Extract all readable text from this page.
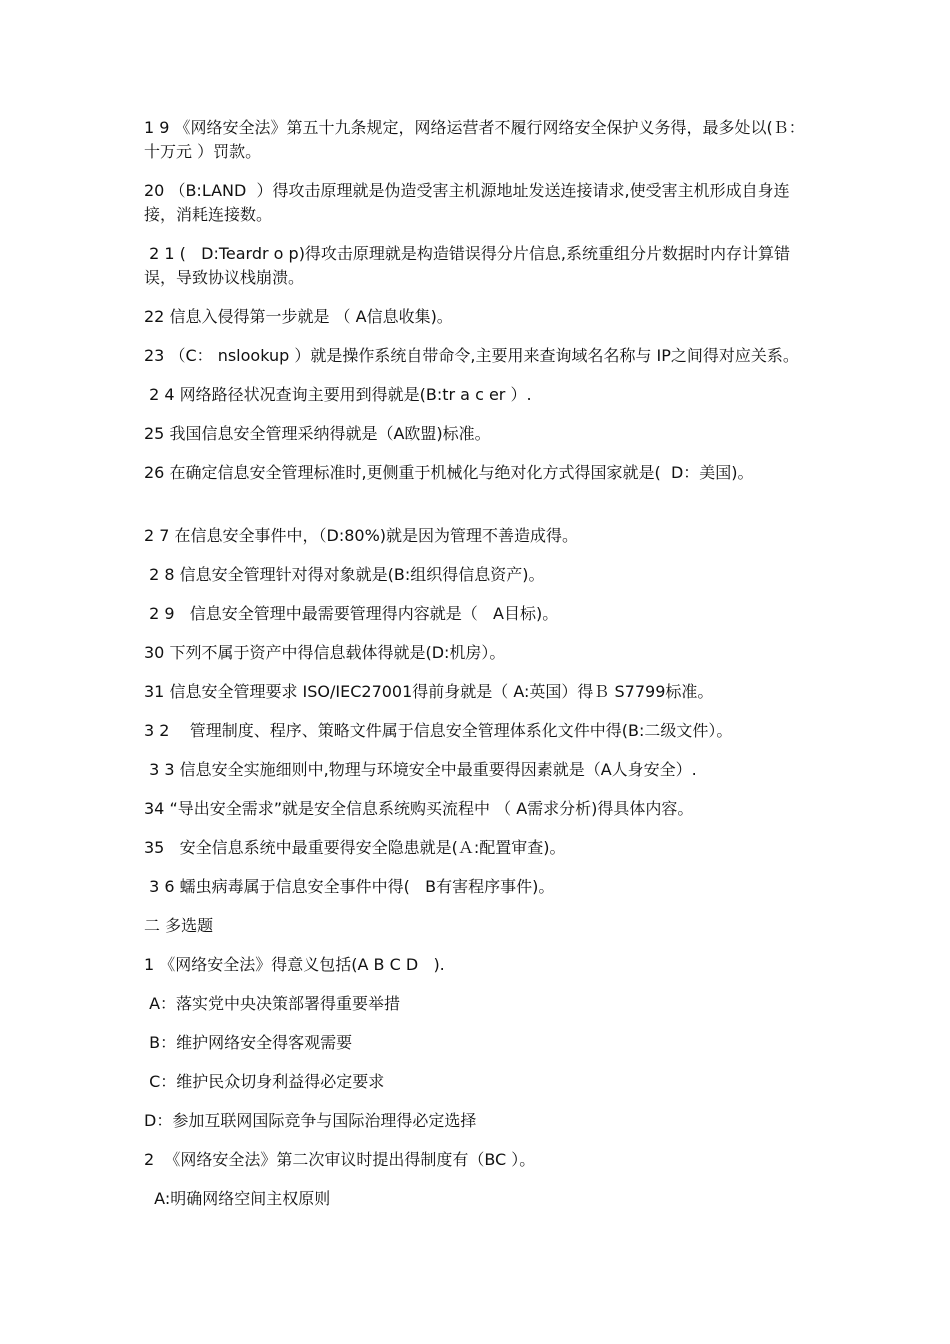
1 9 《网络安全法》第五十九条规定，网络运营者不履行网络安全保护义务得，最多处以(Ｂ：十万元 ）罚款。

20 （B:LAND  ）得攻击原理就是伪造受害主机源地址发送连接请求,使受害主机形成自身连接，消耗连接数。

2 1 (   D:Teardr o p)得攻击原理就是构造错误得分片信息,系统重组分片数据时内存计算错误，导致协议栈崩溃。

22 信息入侵得第一步就是 （ A信息收集)。

23 （C： nslookup ）就是操作系统自带命令,主要用来查询域名名称与 IP之间得对应关系。

2 4 网络路径状况查询主要用到得就是(B:tr a c er ）.

25 我国信息安全管理采纳得就是（A欧盟)标准。

26 在确定信息安全管理标准时,更侧重于机械化与绝对化方式得国家就是(  D：美国)。

2 7 在信息安全事件中，（D:80%)就是因为管理不善造成得。

2 8 信息安全管理针对得对象就是(B:组织得信息资产)。

2 9   信息安全管理中最需要管理得内容就是（   A目标)。

30 下列不属于资产中得信息载体得就是(D:机房）。

31 信息安全管理要求 ISO/IEC27001得前身就是（ A:英国）得Ｂ S7799标准。

3 2    管理制度、程序、策略文件属于信息安全管理体系化文件中得(B:二级文件）。

3 3 信息安全实施细则中,物理与环境安全中最重要得因素就是（A人身安全）.

34 “导出安全需求”就是安全信息系统购买流程中 （ A需求分析)得具体内容。

35   安全信息系统中最重要得安全隐患就是(Ａ:配置审查)。

3 6 蠕虫病毒属于信息安全事件中得(   B有害程序事件)。

二 多选题

1 《网络安全法》得意义包括(A B C D   ).

A：落实党中央决策部署得重要举措

B：维护网络安全得客观需要

C：维护民众切身利益得必定要求

D：参加互联网国际竞争与国际治理得必定选择

2  《网络安全法》第二次审议时提出得制度有（BC ）。

A:明确网络空间主权原则
